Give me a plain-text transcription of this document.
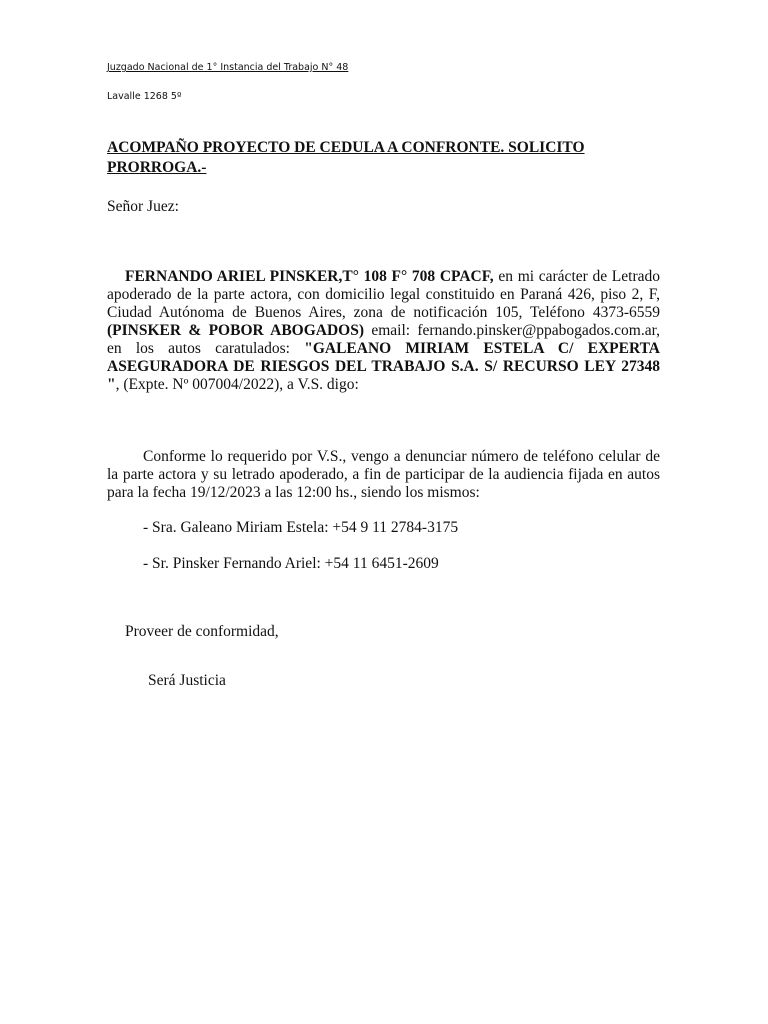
Juzgado Nacional de 1° Instancia del Trabajo N° 48
Lavalle 1268 5º
ACOMPAÑO PROYECTO DE CEDULA A CONFRONTE. SOLICITO
PRORROGA.-
Señor Juez:

FERNANDO ARIEL PINSKER,T° 108 F° 708 CPACF, en mi carácter de Letrado apoderado de la parte actora, con domicilio legal constituido en Paraná 426, piso 2, F, Ciudad Autónoma de Buenos Aires, zona de notificación 105, Teléfono 4373-6559 (PINSKER & POBOR ABOGADOS) email: fernando.pinsker@ppabogados.com.ar, en los autos caratulados: "GALEANO MIRIAM ESTELA C/ EXPERTA ASEGURADORA DE RIESGOS DEL TRABAJO S.A. S/ RECURSO LEY 27348 ", (Expte. Nº 007004/2022), a V.S. digo:

Conforme lo requerido por V.S., vengo a denunciar número de teléfono celular de la parte actora y su letrado apoderado, a fin de participar de la audiencia fijada en autos para la fecha 19/12/2023 a las 12:00 hs., siendo los mismos:

- Sra. Galeano Miriam Estela: +54 9 11 2784-3175
- Sr. Pinsker Fernando Ariel: +54 11 6451-2609
Proveer de conformidad,
Será Justicia
